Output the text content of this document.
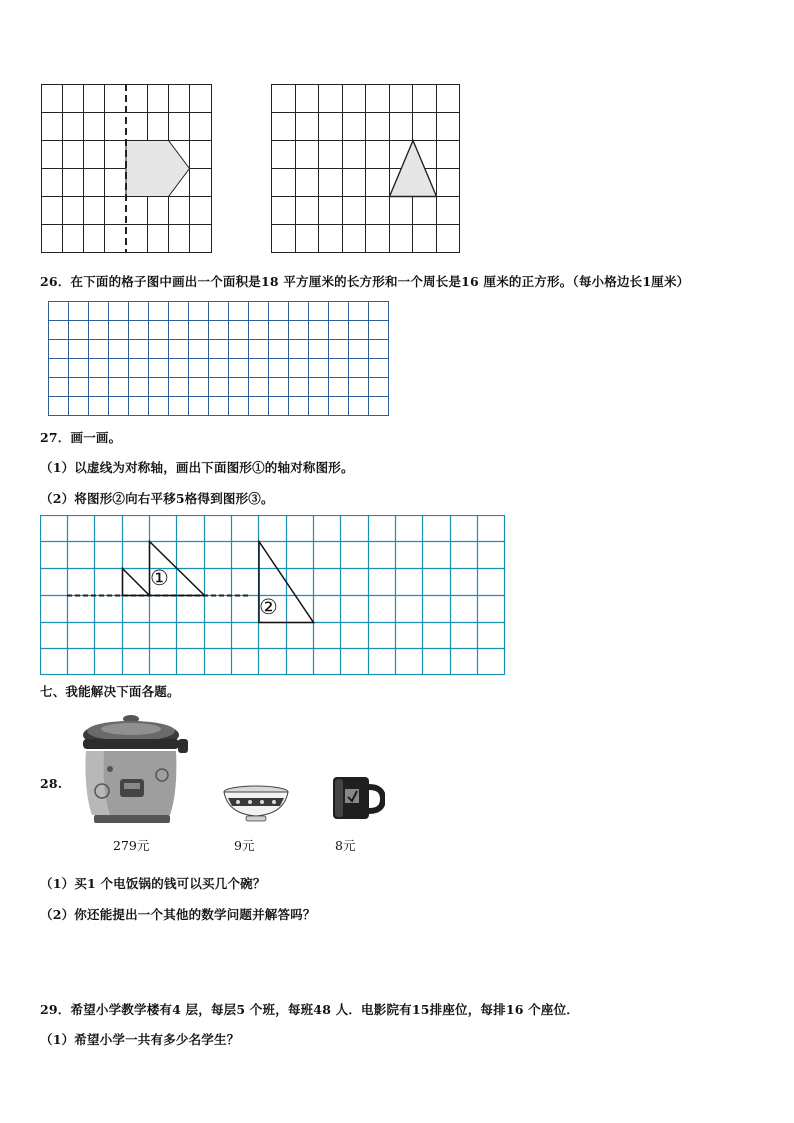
26．在下面的格子图中画出一个面积是18 平方厘米的长方形和一个周长是16 厘米的正方形。（每小格边长1厘米）
27．画一画。
（1）以虚线为对称轴，画出下面图形①的轴对称图形。
（2）将图形②向右平移5格得到图形③。
①
②
七、我能解决下面各题。
28.
279元	9元	8元
（1）买1 个电饭锅的钱可以买几个碗？
（2）你还能提出一个其他的数学问题并解答吗？
29．希望小学教学楼有4 层，每层5 个班，每班48 人．电影院有15排座位，每排16 个座位．
（1）希望小学一共有多少名学生？
